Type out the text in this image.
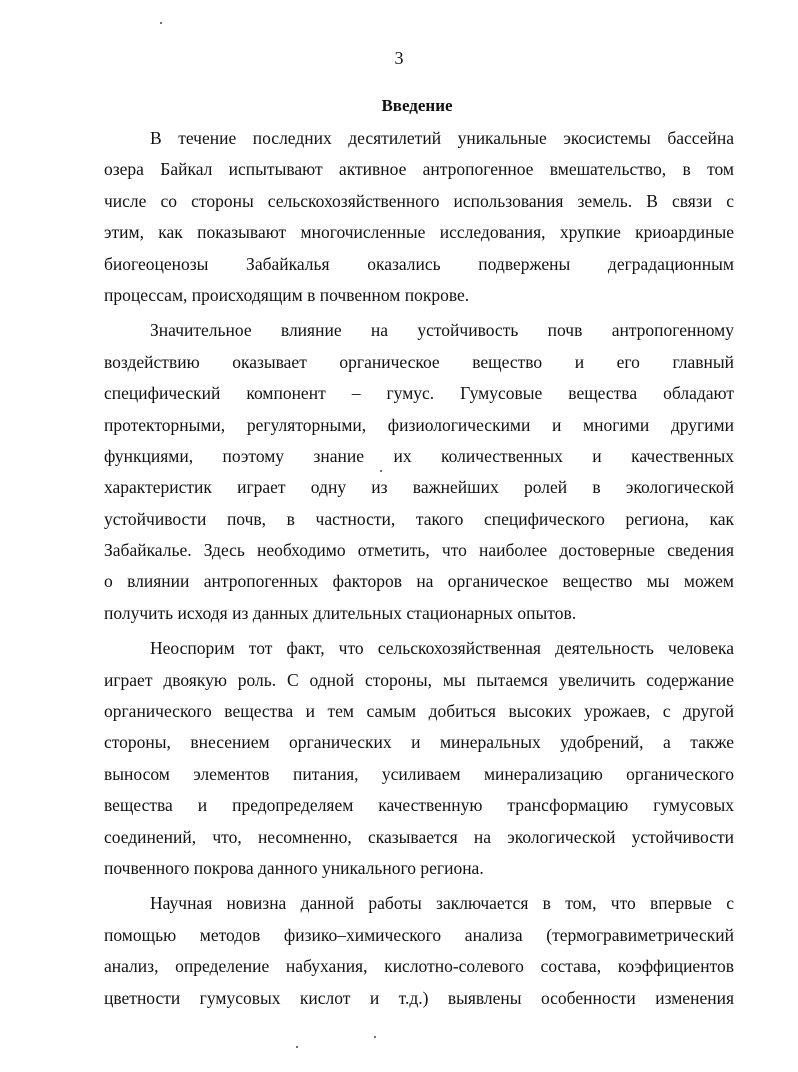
3
Введение
В течение последних десятилетий уникальные экосистемы бассейна
озера Байкал испытывают активное антропогенное вмешательство, в том
числе со стороны сельскохозяйственного использования земель. В связи с
этим, как показывают многочисленные исследования, хрупкие криоардиные
биогеоценозы Забайкалья оказались подвержены деградационным
процессам, происходящим в почвенном покрове.
Значительное влияние на устойчивость почв антропогенному
воздействию оказывает органическое вещество и его главный
специфический компонент – гумус. Гумусовые вещества обладают
протекторными, регуляторными, физиологическими и многими другими
функциями, поэтому знание их количественных и качественных
характеристик играет одну из важнейших ролей в экологической
устойчивости почв, в частности, такого специфического региона, как
Забайкалье. Здесь необходимо отметить, что наиболее достоверные сведения
о влиянии антропогенных факторов на органическое вещество мы можем
получить исходя из данных длительных стационарных опытов.
Неоспорим тот факт, что сельскохозяйственная деятельность человека
играет двоякую роль. С одной стороны, мы пытаемся увеличить содержание
органического вещества и тем самым добиться высоких урожаев, с другой
стороны, внесением органических и минеральных удобрений, а также
выносом элементов питания, усиливаем минерализацию органического
вещества и предопределяем качественную трансформацию гумусовых
соединений, что, несомненно, сказывается на экологической устойчивости
почвенного покрова данного уникального региона.
Научная новизна данной работы заключается в том, что впервые с
помощью методов физико–химического анализа (термогравиметрический
анализ, определение набухания, кислотно-солевого состава, коэффициентов
цветности гумусовых кислот и т.д.) выявлены особенности изменения
